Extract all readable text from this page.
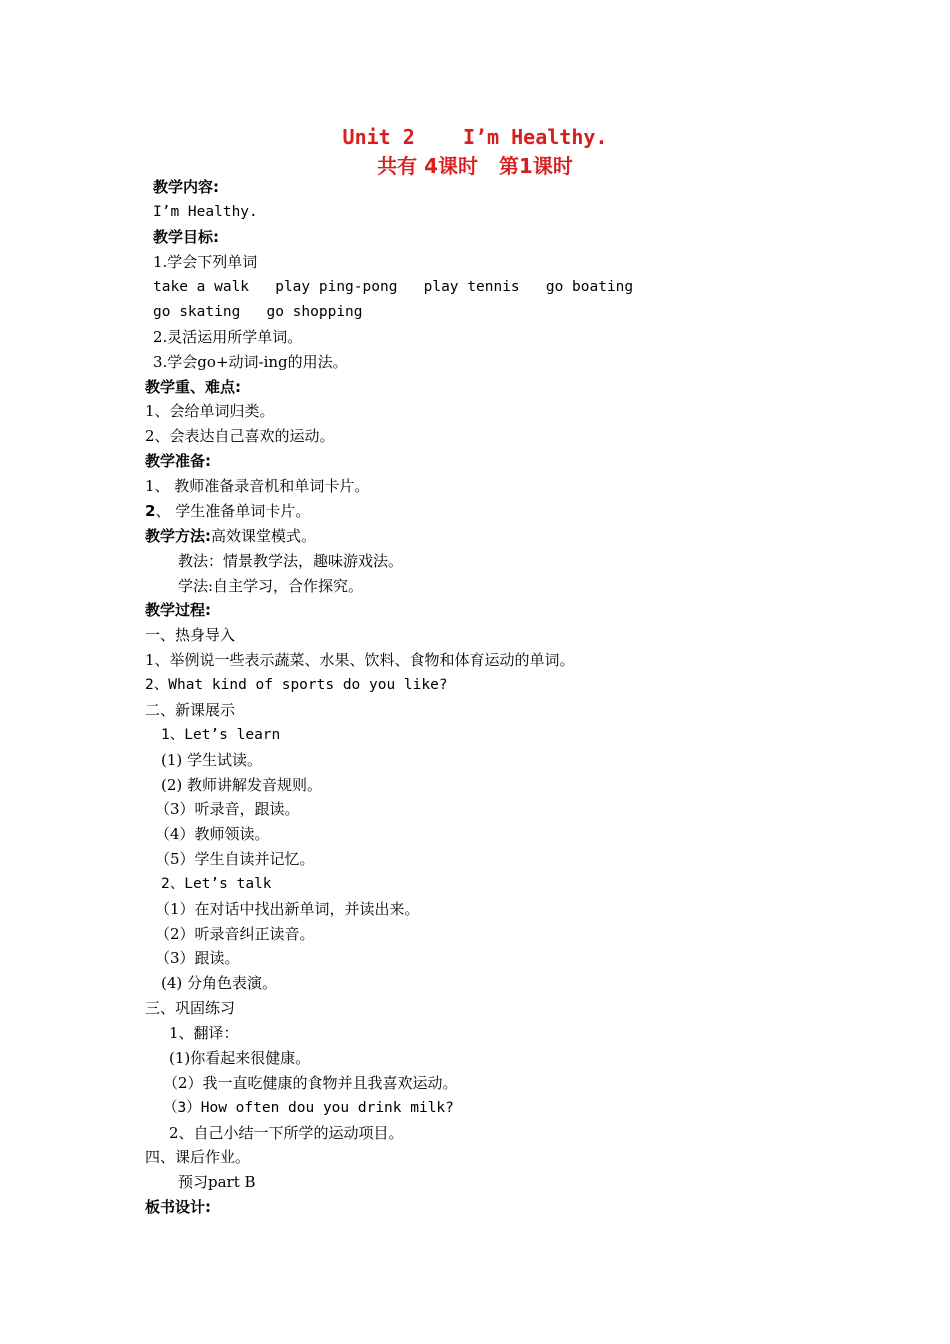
Unit 2    I’m Healthy.
共有 4课时   第1课时
教学内容:
I’m Healthy.
教学目标:
1.学会下列单词
take a walk   play ping-pong   play tennis   go boating
go skating   go shopping
2.灵活运用所学单词。
3.学会go+动词-ing的用法。
教学重、难点:
1、会给单词归类。
2、会表达自己喜欢的运动。
教学准备:
1、 教师准备录音机和单词卡片。
2、 学生准备单词卡片。
教学方法:高效课堂模式。
教法：情景教学法，趣味游戏法。
学法:自主学习，合作探究。
教学过程:
一、热身导入
1、举例说一些表示蔬菜、水果、饮料、食物和体育运动的单词。
2、What kind of sports do you like?
二、新课展示
1、Let’s learn
(1) 学生试读。
(2) 教师讲解发音规则。
（3）听录音，跟读。
（4）教师领读。
（5）学生自读并记忆。
2、Let’s talk
（1）在对话中找出新单词，并读出来。
（2）听录音纠正读音。
（3）跟读。
(4) 分角色表演。
三、巩固练习
1、翻译：
(1)你看起来很健康。
（2）我一直吃健康的食物并且我喜欢运动。
（3）How often dou you drink milk?
2、自己小结一下所学的运动项目。
四、课后作业。
预习part B
板书设计:
